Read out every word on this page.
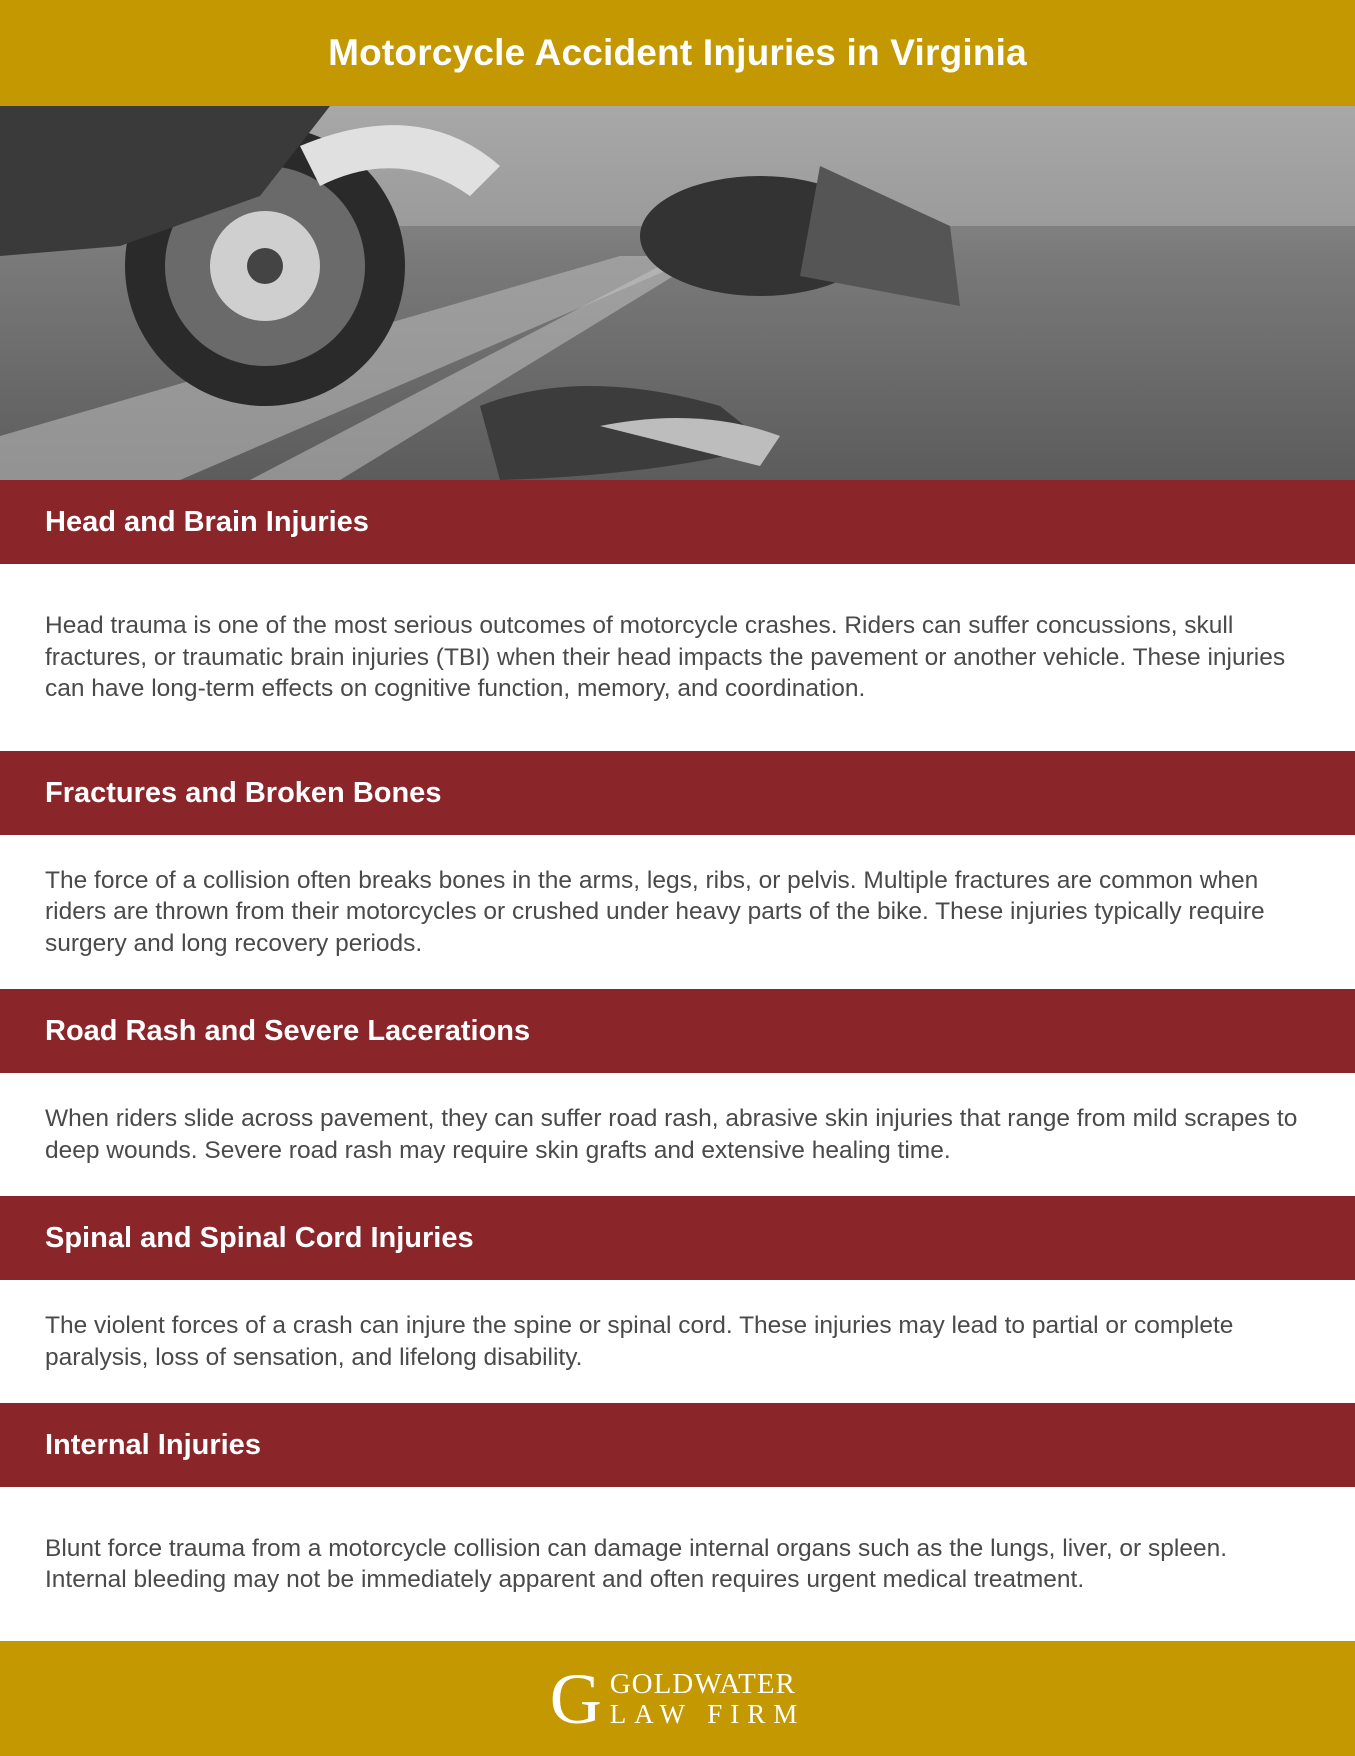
Motorcycle Accident Injuries in Virginia
Head and Brain Injuries

Head trauma is one of the most serious outcomes of motorcycle crashes. Riders can suffer concussions, skull fractures, or traumatic brain injuries (TBI) when their head impacts the pavement or another vehicle. These injuries can have long-term effects on cognitive function, memory, and coordination.

Fractures and Broken Bones

The force of a collision often breaks bones in the arms, legs, ribs, or pelvis. Multiple fractures are common when riders are thrown from their motorcycles or crushed under heavy parts of the bike. These injuries typically require surgery and long recovery periods.

Road Rash and Severe Lacerations

When riders slide across pavement, they can suffer road rash, abrasive skin injuries that range from mild scrapes to deep wounds. Severe road rash may require skin grafts and extensive healing time.

Spinal and Spinal Cord Injuries

The violent forces of a crash can injure the spine or spinal cord. These injuries may lead to partial or complete paralysis, loss of sensation, and lifelong disability.

Internal Injuries

Blunt force trauma from a motorcycle collision can damage internal organs such as the lungs, liver, or spleen. Internal bleeding may not be immediately apparent and often requires urgent medical treatment.

G GOLDWATER
LAW FIRM
